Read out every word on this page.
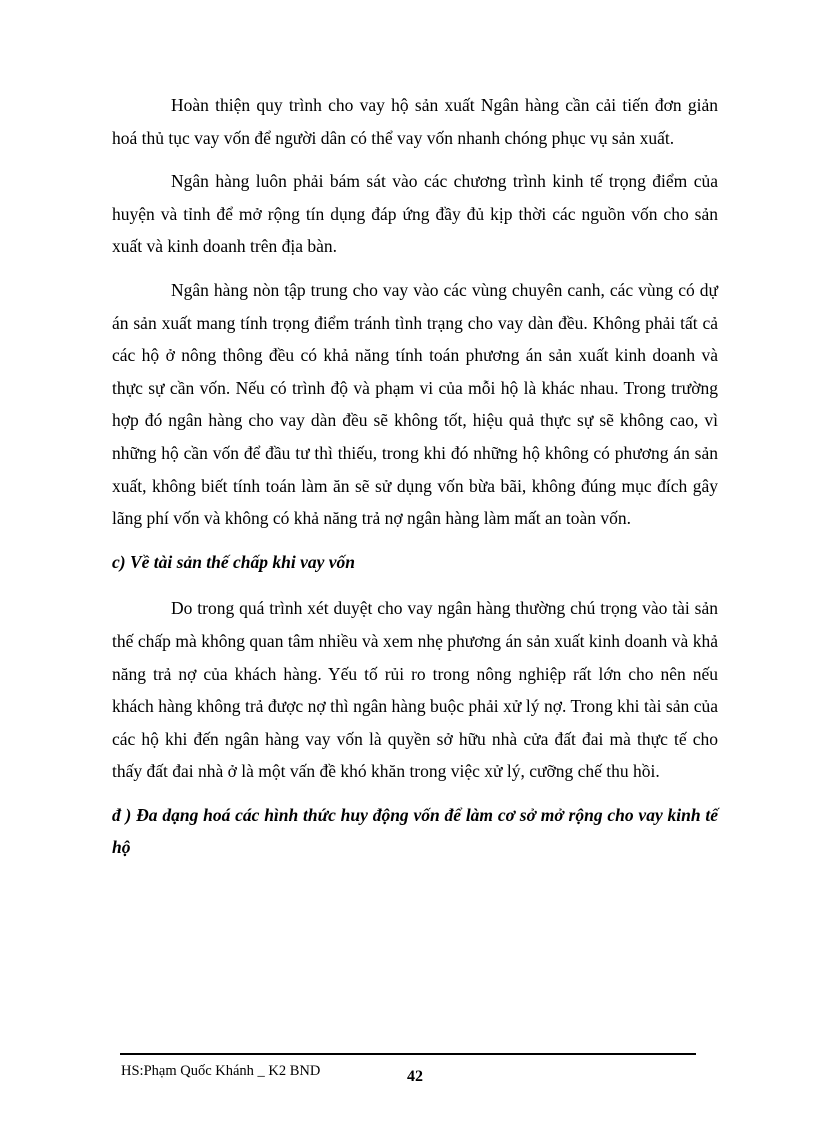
Hoàn thiện quy trình cho vay hộ sản xuất Ngân hàng cần cải tiến đơn giản hoá thủ tục vay vốn để người dân có thể vay vốn nhanh chóng phục vụ sản xuất.

Ngân hàng luôn phải bám sát vào các chương trình kinh tế trọng điểm của huyện và tỉnh để mở rộng tín dụng đáp ứng đầy đủ kịp thời các nguồn vốn cho sản xuất và kinh doanh trên địa bàn.

Ngân hàng nòn tập trung cho vay vào các vùng chuyên canh, các vùng có dự án sản xuất mang tính trọng điểm tránh tình trạng cho vay dàn đều. Không phải tất cả các hộ ở nông thông đều có khả năng tính toán phương án sản xuất kinh doanh và thực sự cần vốn. Nếu có trình độ và phạm vi của mỗi hộ là khác nhau. Trong trường hợp đó ngân hàng cho vay dàn đều sẽ không tốt, hiệu quả thực sự sẽ không cao, vì những hộ cần vốn để đầu tư thì thiếu, trong khi đó những hộ không có phương án sản xuất, không biết tính toán làm ăn sẽ sử dụng vốn bừa bãi, không đúng mục đích gây lãng phí vốn và không có khả năng trả nợ ngân hàng làm mất an toàn vốn.

c) Về tài sản thế chấp khi vay vốn

Do trong quá trình xét duyệt cho vay ngân hàng thường chú trọng vào tài sản thế chấp mà không quan tâm nhiều và xem nhẹ phương án sản xuất kinh doanh và khả năng trả nợ của khách hàng. Yếu tố rủi ro trong nông nghiệp rất lớn cho nên nếu khách hàng không trả được nợ thì ngân hàng buộc phải xử lý nợ. Trong khi tài sản của các hộ khi đến ngân hàng vay vốn là quyền sở hữu nhà cửa đất đai mà thực tế cho thấy đất đai nhà ở là một vấn đề khó khăn trong việc xử lý, cưỡng chế thu hồi.

đ ) Đa dạng hoá các hình thức huy động vốn để làm cơ sở mở rộng cho vay kinh tế hộ

HS:Phạm Quốc Khánh _ K2 BND	42
